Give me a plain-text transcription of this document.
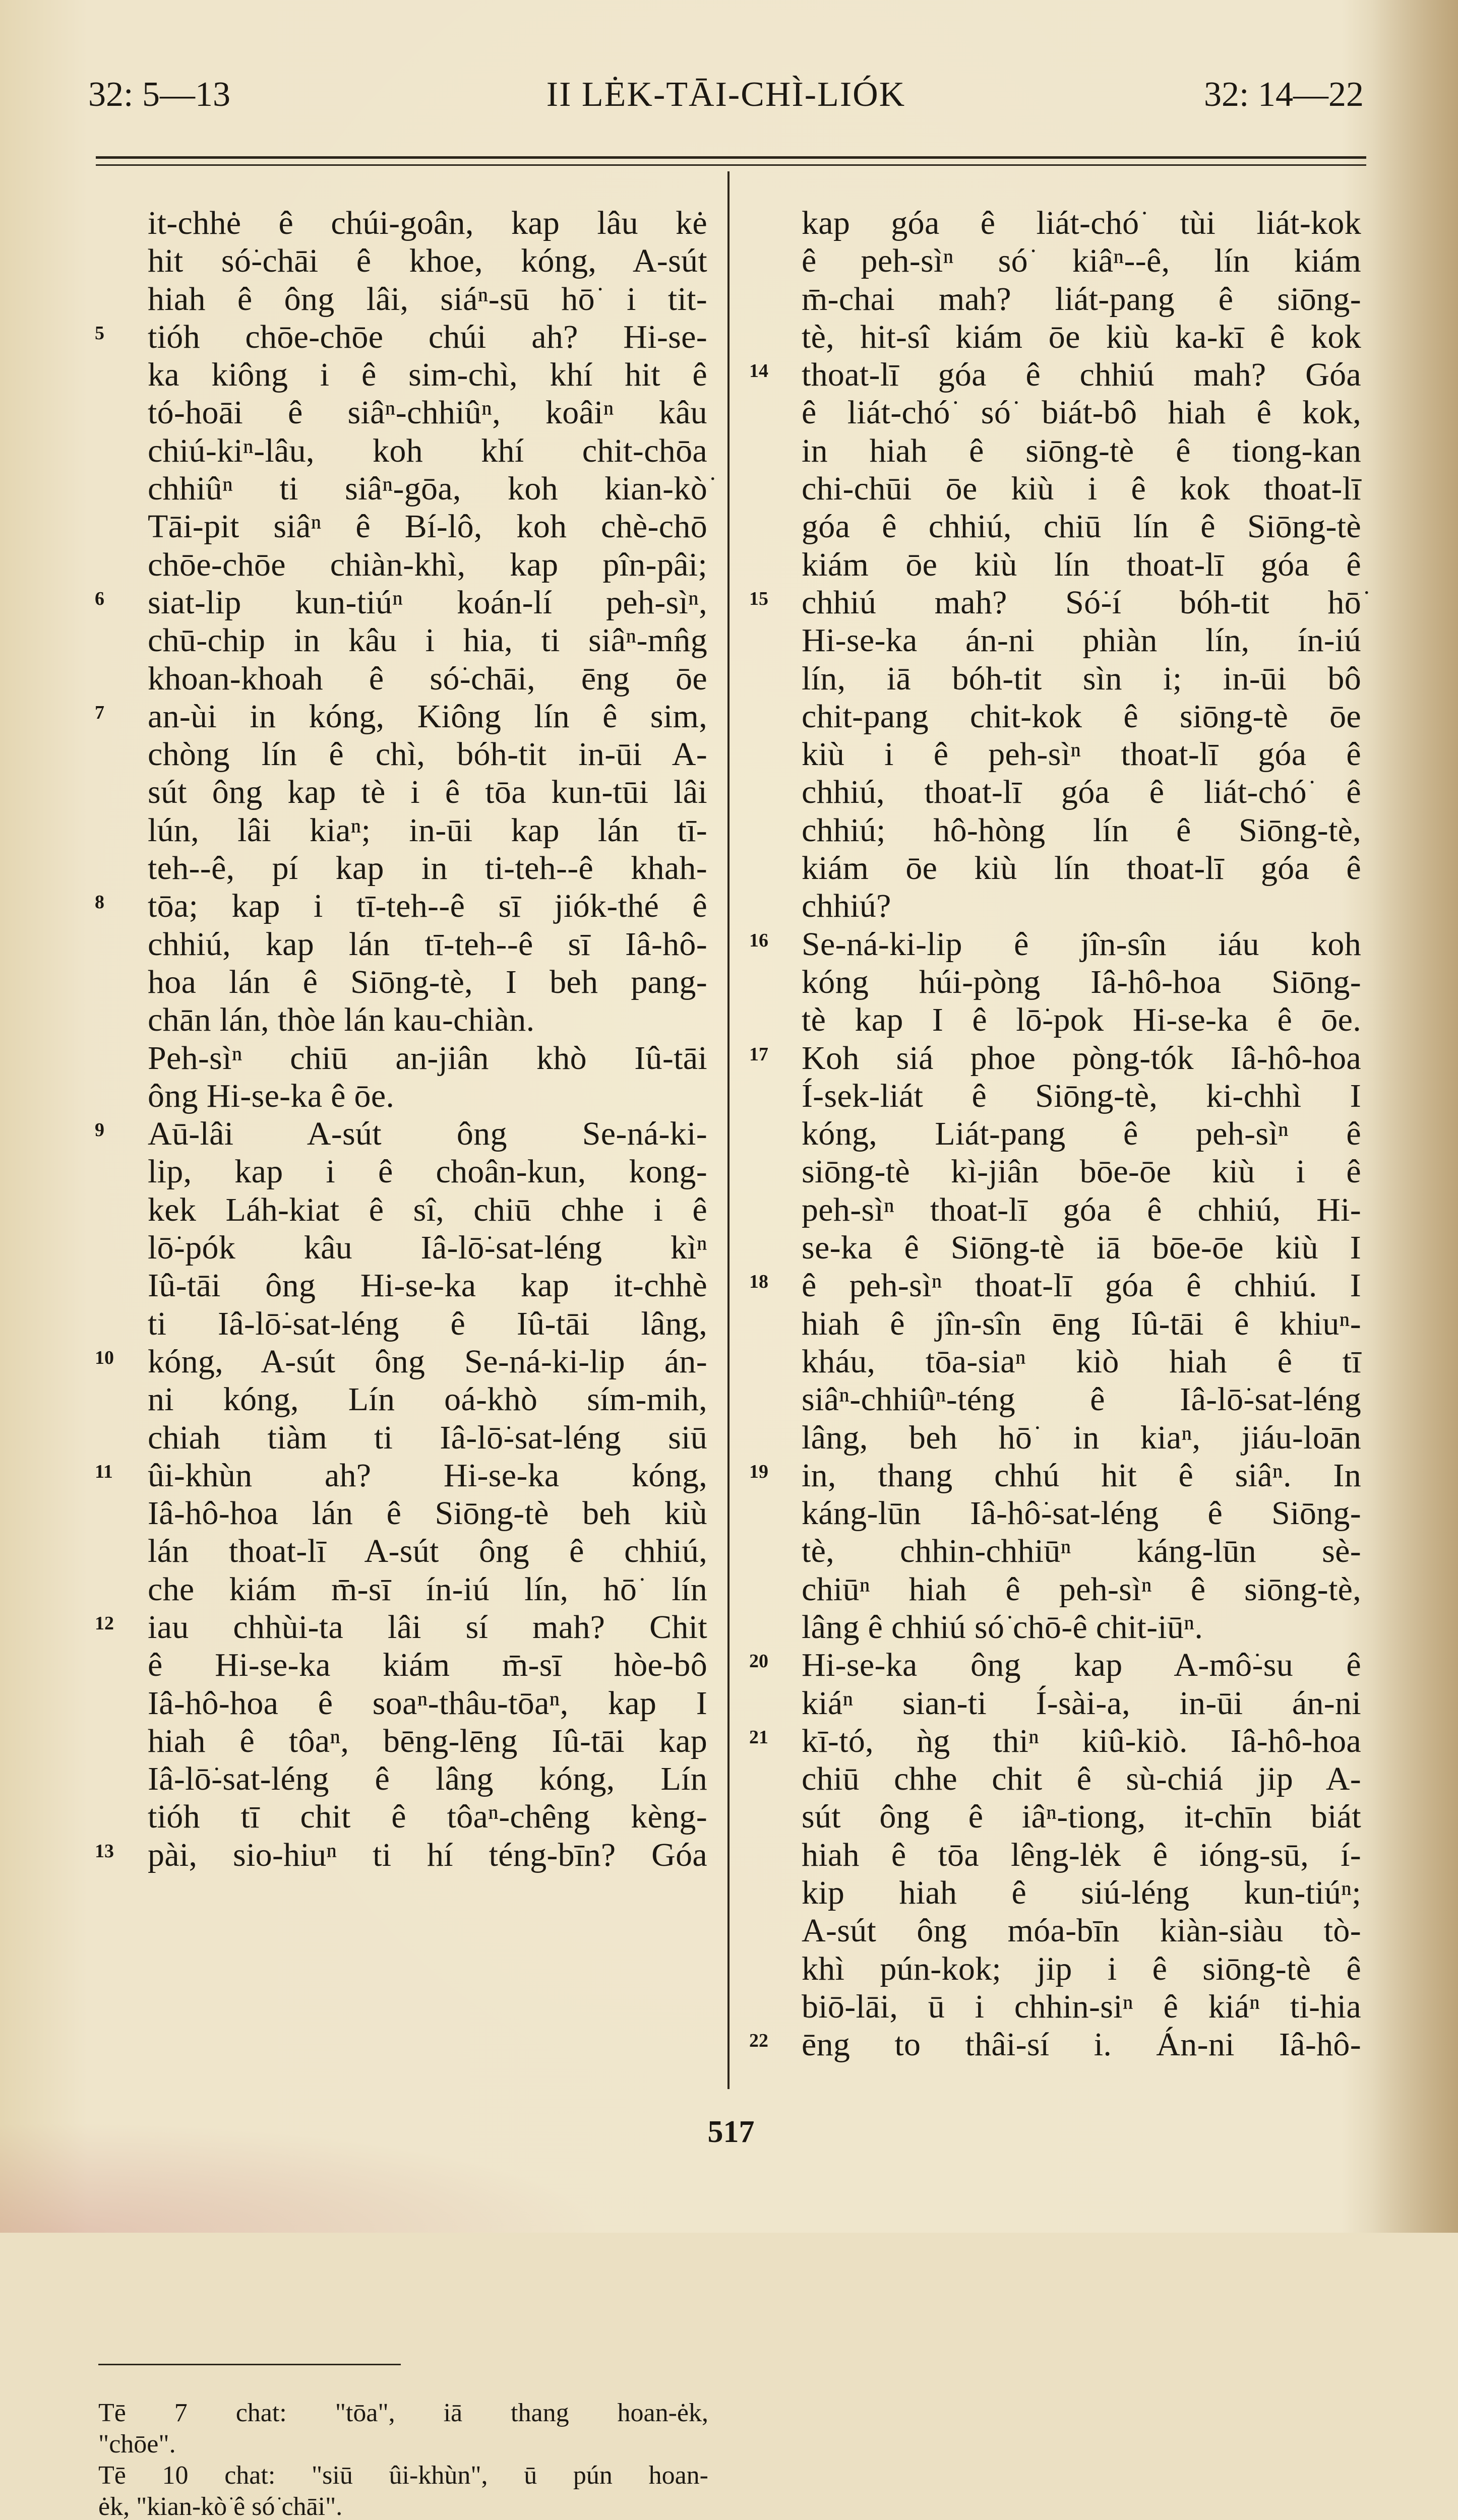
32: 5—13	II LĖK-TĀI-CHÌ-LIÓK	32: 14—22
it-chhė ê chúi-goân, kap lâu kė
hit só͘-chāi ê khoe, kóng, A-sút
hiah ê ông lâi, siáⁿ-sū hō͘ i tit-
tióh chōe-chōe chúi ah? Hi-se-
ka kiông i ê sim-chì, khí hit ê
tó-hoāi ê siâⁿ-chhiûⁿ, koâiⁿ kâu
chiú-kiⁿ-lâu, koh khí chit-chōa
chhiûⁿ ti siâⁿ-gōa, koh kian-kò͘
Tāi-pit siâⁿ ê Bí-lô, koh chè-chō
chōe-chōe chiàn-khì, kap pîn-pâi;
siat-lip kun-tiúⁿ koán-lí peh-sìⁿ,
chū-chip in kâu i hia, ti siâⁿ-mn̂g
khoan-khoah ê só͘-chāi, ēng ōe
an-ùi in kóng, Kiông lín ê sim,
chòng lín ê chì, bóh-tit in-ūi A-
sút ông kap tè i ê tōa kun-tūi lâi
lún, lâi kiaⁿ; in-ūi kap lán tī-
teh--ê, pí kap in ti-teh--ê khah-
tōa; kap i tī-teh--ê sī jiók-thé ê
chhiú, kap lán tī-teh--ê sī Iâ-hô-
hoa lán ê Siōng-tè, I beh pang-
chān lán, thòe lán kau-chiàn.
Peh-sìⁿ chiū an-jiân khò Iû-tāi
ông Hi-se-ka ê ōe.
Aū-lâi A-sút ông Se-ná-ki-
lip, kap i ê choân-kun, kong-
kek Láh-kiat ê sî, chiū chhe i ê
lō͘-pók kâu Iâ-lō͘-sat-léng kìⁿ
Iû-tāi ông Hi-se-ka kap it-chhè
ti Iâ-lō͘-sat-léng ê Iû-tāi lâng,
kóng, A-sút ông Se-ná-ki-lip án-
ni kóng, Lín oá-khò sím-mih,
chiah tiàm ti Iâ-lō͘-sat-léng siū
ûi-khùn ah? Hi-se-ka kóng,
Iâ-hô-hoa lán ê Siōng-tè beh kiù
lán thoat-lī A-sút ông ê chhiú,
che kiám m̄-sī ín-iú lín, hō͘ lín
iau chhùi-ta lâi sí mah? Chit
ê Hi-se-ka kiám m̄-sī hòe-bô
Iâ-hô-hoa ê soaⁿ-thâu-tōaⁿ, kap I
hiah ê tôaⁿ, bēng-lēng Iû-tāi kap
Iâ-lō͘-sat-léng ê lâng kóng, Lín
tióh tī chit ê tôaⁿ-chêng kèng-
pài, sio-hiuⁿ ti hí téng-bīn? Góa
kap góa ê liát-chó͘ tùi liát-kok
ê peh-sìⁿ só͘ kiâⁿ--ê, lín kiám
m̄-chai mah? liát-pang ê siōng-
tè, hit-sî kiám ōe kiù ka-kī ê kok
thoat-lī góa ê chhiú mah? Góa
ê liát-chó͘ só͘ biát-bô hiah ê kok,
in hiah ê siōng-tè ê tiong-kan
chi-chūi ōe kiù i ê kok thoat-lī
góa ê chhiú, chiū lín ê Siōng-tè
kiám ōe kiù lín thoat-lī góa ê
chhiú mah? Só͘-í bóh-tit hō͘
Hi-se-ka án-ni phiàn lín, ín-iú
lín, iā bóh-tit sìn i; in-ūi bô
chit-pang chit-kok ê siōng-tè ōe
kiù i ê peh-sìⁿ thoat-lī góa ê
chhiú, thoat-lī góa ê liát-chó͘ ê
chhiú; hô-hòng lín ê Siōng-tè,
kiám ōe kiù lín thoat-lī góa ê
chhiú?
Se-ná-ki-lip ê jîn-sîn iáu koh
kóng húi-pòng Iâ-hô-hoa Siōng-
tè kap I ê lō͘-pok Hi-se-ka ê ōe.
Koh siá phoe pòng-tók Iâ-hô-hoa
Í-sek-liát ê Siōng-tè, ki-chhì I
kóng, Liát-pang ê peh-sìⁿ ê
siōng-tè kì-jiân bōe-ōe kiù i ê
peh-sìⁿ thoat-lī góa ê chhiú, Hi-
se-ka ê Siōng-tè iā bōe-ōe kiù I
ê peh-sìⁿ thoat-lī góa ê chhiú. I
hiah ê jîn-sîn ēng Iû-tāi ê khiuⁿ-
kháu, tōa-siaⁿ kiò hiah ê tī
siâⁿ-chhiûⁿ-téng ê Iâ-lō͘-sat-léng
lâng, beh hō͘ in kiaⁿ, jiáu-loān
in, thang chhú hit ê siâⁿ. In
káng-lūn Iâ-hô͘-sat-léng ê Siōng-
tè, chhin-chhiūⁿ káng-lūn sè-
chiūⁿ hiah ê peh-sìⁿ ê siōng-tè,
lâng ê chhiú só͘ chō-ê chit-iūⁿ.
Hi-se-ka ông kap A-mô͘-su ê
kiáⁿ sian-ti Í-sài-a, in-ūi án-ni
kī-tó, ǹg thiⁿ kiû-kiò. Iâ-hô-hoa
chiū chhe chit ê sù-chiá jip A-
sút ông ê iâⁿ-tiong, it-chīn biát
hiah ê tōa lêng-lėk ê ióng-sū, í-
kip hiah ê siú-léng kun-tiúⁿ;
A-sút ông móa-bīn kiàn-siàu tò-
khì pún-kok; jip i ê siōng-tè ê
biō-lāi, ū i chhin-siⁿ ê kiáⁿ ti-hia
ēng to thâi-sí i. Án-ni Iâ-hô-
5
6
7
8
9
10
11
12
13
14
15
16
17
18
19
20
21
22
Tē 7 chat: "tōa", iā thang hoan-ėk,
"chōe".
Tē 10 chat: "siū ûi-khùn", ū pún hoan-
ėk, "kian-kò͘ ê só͘ chāi".
517
